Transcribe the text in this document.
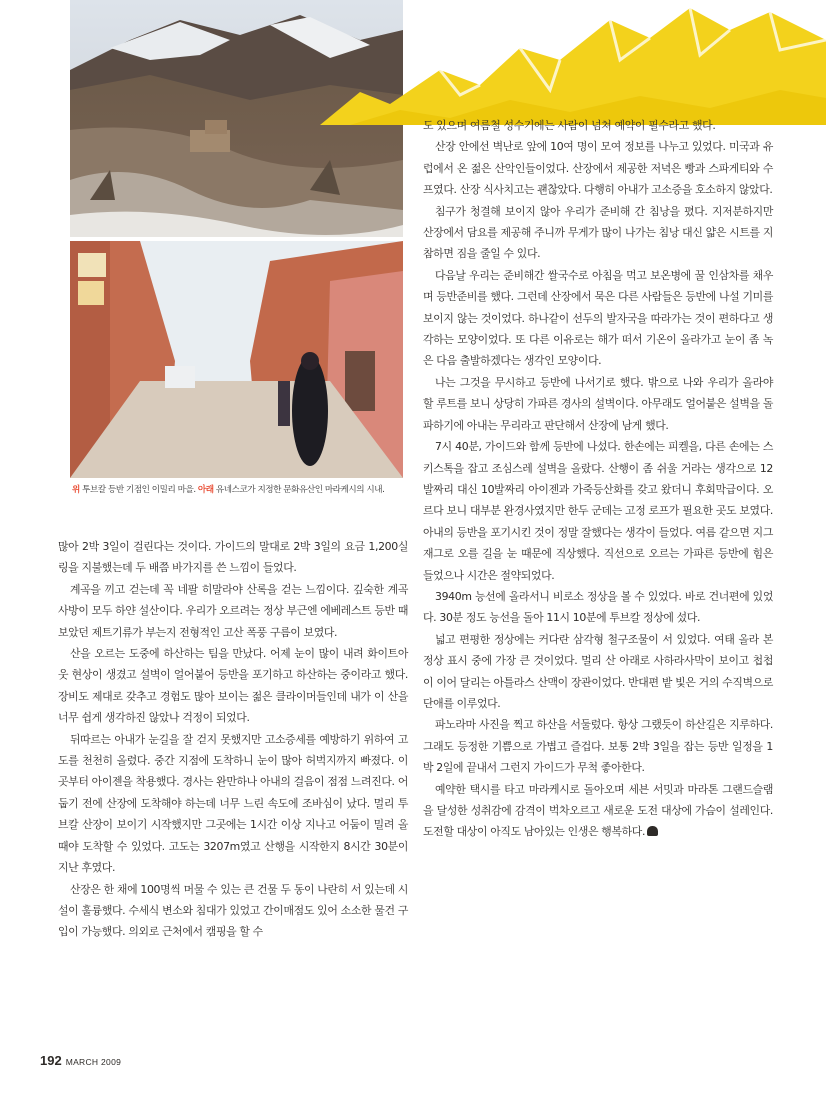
위 투브칼 등반 기점인 이밀리 마을. 아래 유네스코가 지정한 문화유산인 마라케시의 시내.

많아 2박 3일이 걸린다는 것이다. 가이드의 말대로 2박 3일의 요금 1,200실링을 지불했는데 두 배쯤 바가지를 쓴 느낌이 들었다.

계곡을 끼고 걷는데 꼭 네팔 히말라야 산록을 걷는 느낌이다. 깊숙한 계곡 사방이 모두 하얀 설산이다. 우리가 오르려는 정상 부근엔 에베레스트 등반 때 보았던 제트기류가 부는지 전형적인 고산 폭풍 구름이 보였다.

산을 오르는 도중에 하산하는 팀을 만났다. 어제 눈이 많이 내려 화이트아웃 현상이 생겼고 설벽이 얼어붙어 등반을 포기하고 하산하는 중이라고 했다. 장비도 제대로 갖추고 경험도 많아 보이는 젊은 클라이머들인데 내가 이 산을 너무 쉽게 생각하진 않았나 걱정이 되었다.

뒤따르는 아내가 눈길을 잘 걷지 못했지만 고소증세를 예방하기 위하여 고도를 천천히 올렸다. 중간 지점에 도착하니 눈이 많아 허벅지까지 빠졌다. 이곳부터 아이젠을 착용했다. 경사는 완만하나 아내의 걸음이 점점 느려진다. 어둡기 전에 산장에 도착해야 하는데 너무 느린 속도에 조바심이 났다. 멀리 투브칼 산장이 보이기 시작했지만 그곳에는 1시간 이상 지나고 어둠이 밀려 올 때야 도착할 수 있었다. 고도는 3207m였고 산행을 시작한지 8시간 30분이 지난 후였다.

산장은 한 채에 100명씩 머물 수 있는 큰 건물 두 동이 나란히 서 있는데 시설이 훌륭했다. 수세식 변소와 침대가 있었고 간이매점도 있어 소소한 물건 구입이 가능했다. 의외로 근처에서 캠핑을 할 수

도 있으며 여름철 성수기에는 사람이 넘쳐 예약이 필수라고 했다.

산장 안에선 벽난로 앞에 10여 명이 모여 정보를 나누고 있었다. 미국과 유럽에서 온 젊은 산악인들이었다. 산장에서 제공한 저녁은 빵과 스파게티와 수프였다. 산장 식사치고는 괜찮았다. 다행히 아내가 고소증을 호소하지 않았다.

침구가 청결해 보이지 않아 우리가 준비해 간 침낭을 폈다. 지저분하지만 산장에서 담요를 제공해 주니까 무게가 많이 나가는 침낭 대신 얇은 시트를 지참하면 짐을 줄일 수 있다.

다음날 우리는 준비해간 쌀국수로 아침을 먹고 보온병에 꿀 인삼차를 채우며 등반준비를 했다. 그런데 산장에서 묵은 다른 사람들은 등반에 나설 기미를 보이지 않는 것이었다. 하나같이 선두의 발자국을 따라가는 것이 편하다고 생각하는 모양이었다. 또 다른 이유로는 해가 떠서 기온이 올라가고 눈이 좀 녹은 다음 출발하겠다는 생각인 모양이다.

나는 그것을 무시하고 등반에 나서기로 했다. 밖으로 나와 우리가 올라야 할 루트를 보니 상당히 가파른 경사의 설벽이다. 아무래도 얼어붙은 설벽을 돌파하기에 아내는 무리라고 판단해서 산장에 남게 했다.

7시 40분, 가이드와 함께 등반에 나섰다. 한손에는 피켈을, 다른 손에는 스키스톡을 잡고 조심스레 설벽을 올랐다. 산행이 좀 쉬울 거라는 생각으로 12발짜리 대신 10발짜리 아이젠과 가죽등산화를 갖고 왔더니 후회막급이다. 오르다 보니 대부분 완경사였지만 한두 군데는 고정 로프가 필요한 곳도 보였다. 아내의 등반을 포기시킨 것이 정말 잘했다는 생각이 들었다. 여름 같으면 지그재그로 오를 길을 눈 때문에 직상했다. 직선으로 오르는 가파른 등반에 힘은 들었으나 시간은 절약되었다.

3940m 능선에 올라서니 비로소 정상을 볼 수 있었다. 바로 건너편에 있었다. 30분 정도 능선을 돌아 11시 10분에 투브칼 정상에 섰다.

넓고 편평한 정상에는 커다란 삼각형 철구조물이 서 있었다. 여태 올라 본 정상 표시 중에 가장 큰 것이었다. 멀리 산 아래로 사하라사막이 보이고 첩첩이 이어 달리는 아틀라스 산맥이 장관이었다. 반대편 밭 빛은 거의 수직벽으로 단애를 이루었다.

파노라마 사진을 찍고 하산을 서둘렀다. 항상 그랬듯이 하산길은 지루하다. 그래도 등정한 기쁨으로 가볍고 즐겁다. 보통 2박 3일을 잡는 등반 일정을 1박 2일에 끝내서 그런지 가이드가 무척 좋아한다.

예약한 택시를 타고 마라케시로 돌아오며 세븐 서밋과 마라톤 그랜드슬램을 달성한 성취감에 감격이 벅차오르고 새로운 도전 대상에 가슴이 설레인다. 도전할 대상이 아직도 남아있는 인생은 행복하다.

192 MARCH 2009
